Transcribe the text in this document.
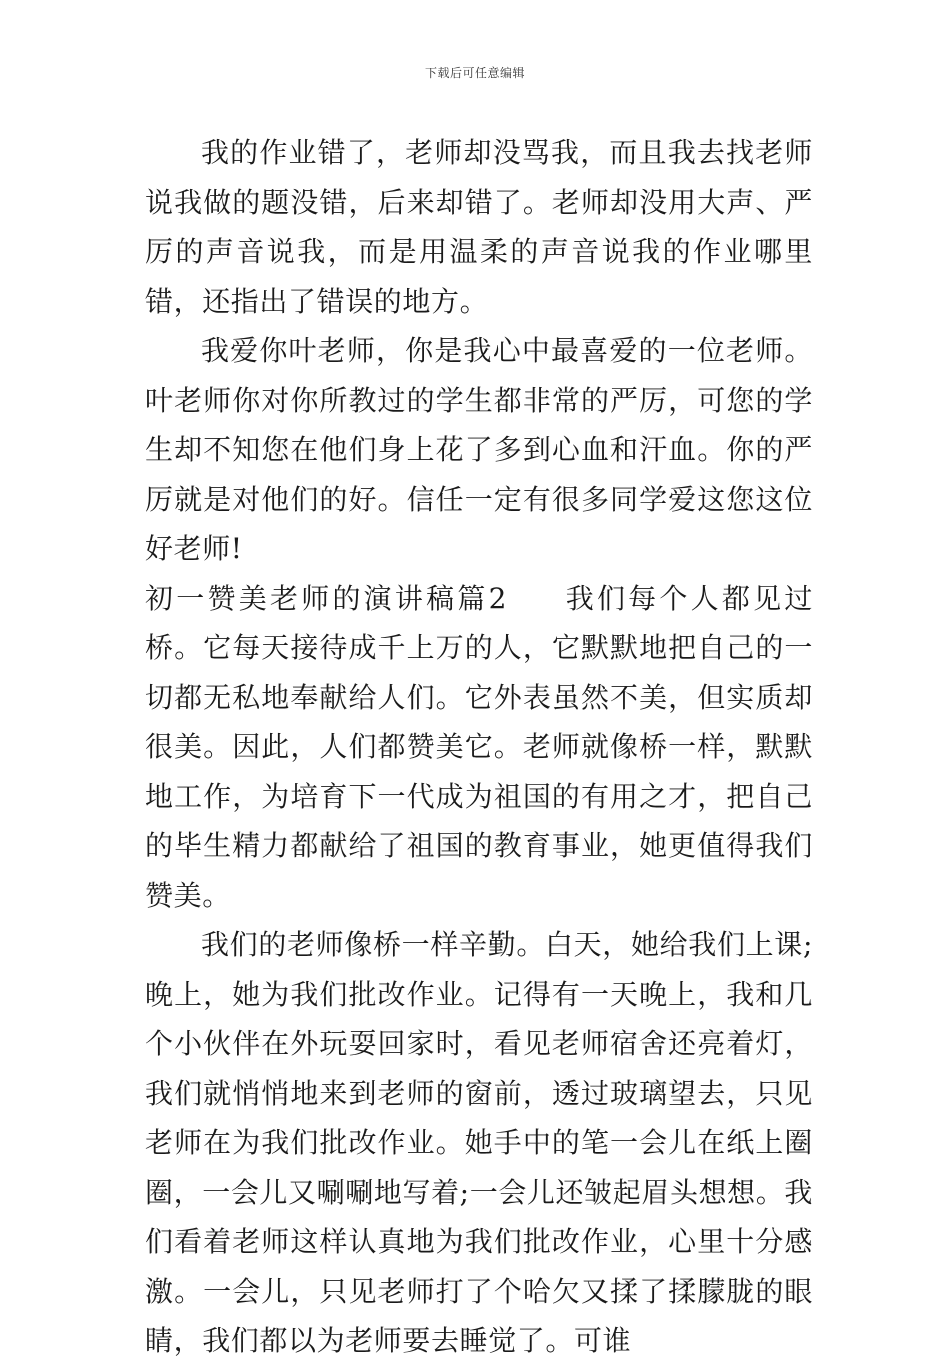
下载后可任意编辑

我的作业错了，老师却没骂我，而且我去找老师说我做的题没错，后来却错了。老师却没用大声、严厉的声音说我，而是用温柔的声音说我的作业哪里错，还指出了错误的地方。

我爱你叶老师，你是我心中最喜爱的一位老师。叶老师你对你所教过的学生都非常的严厉，可您的学生却不知您在他们身上花了多到心血和汗血。你的严厉就是对他们的好。信任一定有很多同学爱这您这位好老师!

初一赞美老师的演讲稿篇2 我们每个人都见过桥。它每天接待成千上万的人，它默默地把自己的一切都无私地奉献给人们。它外表虽然不美，但实质却很美。因此，人们都赞美它。老师就像桥一样，默默地工作，为培育下一代成为祖国的有用之才，把自己的毕生精力都献给了祖国的教育事业，她更值得我们赞美。

我们的老师像桥一样辛勤。白天，她给我们上课;晚上，她为我们批改作业。记得有一天晚上，我和几个小伙伴在外玩耍回家时，看见老师宿舍还亮着灯，我们就悄悄地来到老师的窗前，透过玻璃望去，只见老师在为我们批改作业。她手中的笔一会儿在纸上圈圈，一会儿又唰唰地写着;一会儿还皱起眉头想想。我们看着老师这样认真地为我们批改作业，心里十分感激。一会儿，只见老师打了个哈欠又揉了揉朦胧的眼睛，我们都以为老师要去睡觉了。可谁
